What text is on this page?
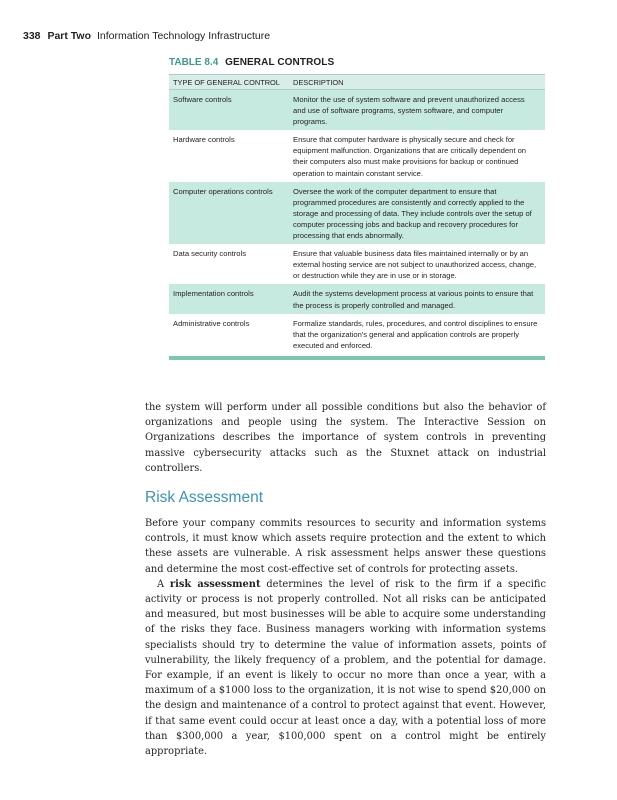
338 Part Two Information Technology Infrastructure
TABLE 8.4 GENERAL CONTROLS
TYPE OF GENERAL CONTROL	DESCRIPTION
Software controls	Monitor the use of system software and prevent unauthorized access and use of software programs, system software, and computer programs.
Hardware controls	Ensure that computer hardware is physically secure and check for equipment malfunction. Organizations that are critically dependent on their computers also must make provisions for backup or continued operation to maintain constant service.
Computer operations controls	Oversee the work of the computer department to ensure that programmed procedures are consistently and correctly applied to the storage and processing of data. They include controls over the setup of computer processing jobs and backup and recovery procedures for processing that ends abnormally.
Data security controls	Ensure that valuable business data files maintained internally or by an external hosting service are not subject to unauthorized access, change, or destruction while they are in use or in storage.
Implementation controls	Audit the systems development process at various points to ensure that the process is properly controlled and managed.
Administrative controls	Formalize standards, rules, procedures, and control disciplines to ensure that the organization's general and application controls are properly executed and enforced.

the system will perform under all possible conditions but also the behavior of organizations and people using the system. The Interactive Session on Organizations describes the importance of system controls in preventing massive cybersecurity attacks such as the Stuxnet attack on industrial controllers.

Risk Assessment

Before your company commits resources to security and information systems controls, it must know which assets require protection and the extent to which these assets are vulnerable. A risk assessment helps answer these questions and determine the most cost-effective set of controls for protecting assets.

A risk assessment determines the level of risk to the firm if a specific activity or process is not properly controlled. Not all risks can be anticipated and measured, but most businesses will be able to acquire some understanding of the risks they face. Business managers working with information systems specialists should try to determine the value of information assets, points of vulnerability, the likely frequency of a problem, and the potential for damage. For example, if an event is likely to occur no more than once a year, with a maximum of a $1000 loss to the organization, it is not wise to spend $20,000 on the design and maintenance of a control to protect against that event. However, if that same event could occur at least once a day, with a potential loss of more than $300,000 a year, $100,000 spent on a control might be entirely appropriate.
